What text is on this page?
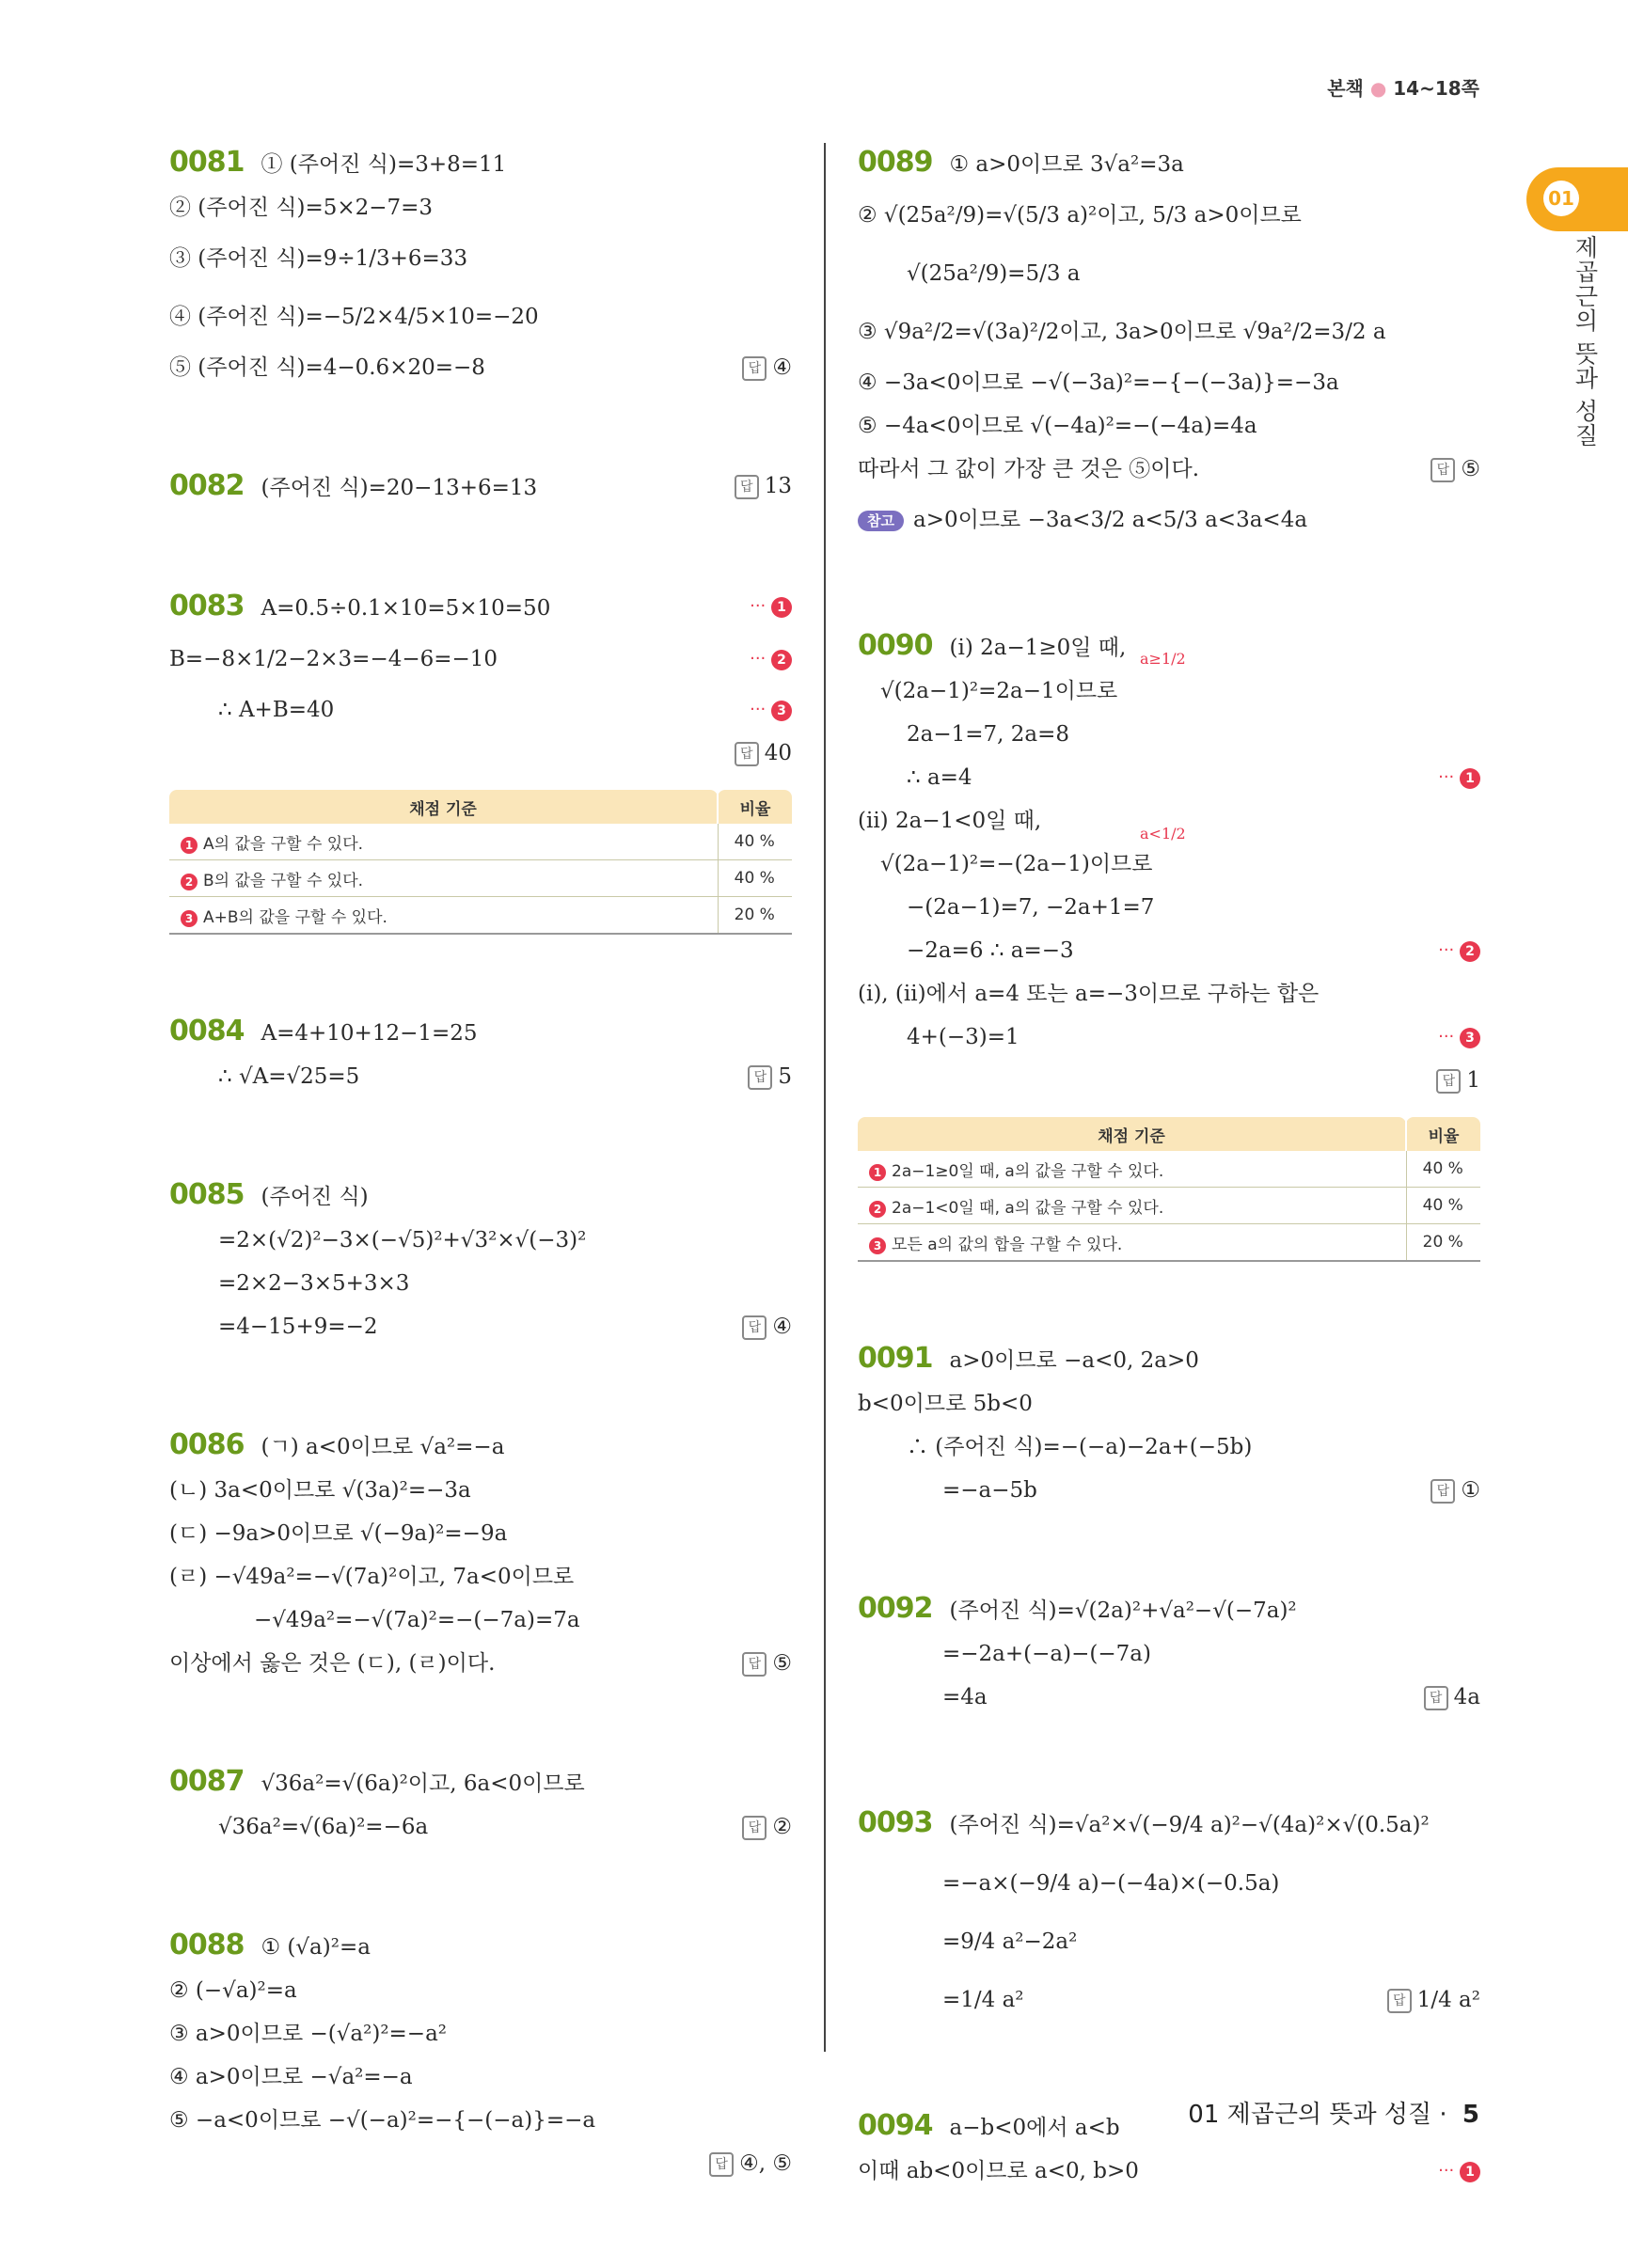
본책 ● 14~18쪽
01
제곱근의 뜻과 성질
0081 ① (주어진 식)=3+8=11
② (주어진 식)=5×2−7=3
③ (주어진 식)=9÷1/3+6=33
④ (주어진 식)=−5/2×4/5×10=−20
⑤ (주어진 식)=4−0.6×20=−8	답 ④
0082 (주어진 식)=20−13+6=13	답 13
0083 A=0.5÷0.1×10=5×10=50	··· 1
B=−8×1/2−2×3=−4−6=−10	··· 2
∴ A+B=40	··· 3
답 40
채점 기준	비율
1 A의 값을 구할 수 있다.	40 %
2 B의 값을 구할 수 있다.	40 %
3 A+B의 값을 구할 수 있다.	20 %
0084 A=4+10+12−1=25
∴ √A=√25=5	답 5
0085 (주어진 식)
=2×(√2)²−3×(−√5)²+√3²×√(−3)²
=2×2−3×5+3×3
=4−15+9=−2	답 ④
0086 (ㄱ) a<0이므로 √a²=−a
(ㄴ) 3a<0이므로 √(3a)²=−3a
(ㄷ) −9a>0이므로 √(−9a)²=−9a
(ㄹ) −√49a²=−√(7a)²이고, 7a<0이므로
−√49a²=−√(7a)²=−(−7a)=7a
이상에서 옳은 것은 (ㄷ), (ㄹ)이다.	답 ⑤
0087 √36a²=√(6a)²이고, 6a<0이므로
√36a²=√(6a)²=−6a	답 ②
0088 ① (√a)²=a
② (−√a)²=a
③ a>0이므로 −(√a²)²=−a²
④ a>0이므로 −√a²=−a
⑤ −a<0이므로 −√(−a)²=−{−(−a)}=−a
답 ④, ⑤
0089 ① a>0이므로 3√a²=3a
② √(25a²/9)=√(5/3 a)²이고, 5/3 a>0이므로
√(25a²/9)=5/3 a
③ √9a²/2=√(3a)²/2이고, 3a>0이므로 √9a²/2=3/2 a
④ −3a<0이므로 −√(−3a)²=−{−(−3a)}=−3a
⑤ −4a<0이므로 √(−4a)²=−(−4a)=4a
따라서 그 값이 가장 큰 것은 ⑤이다.	답 ⑤
참고 a>0이므로 −3a<3/2 a<5/3 a<3a<4a
0090 (i) 2a−1≥0일 때, a≥1/2
√(2a−1)²=2a−1이므로
2a−1=7, 2a=8
∴ a=4	··· 1
(ii) 2a−1<0일 때,
a<1/2
√(2a−1)²=−(2a−1)이므로
−(2a−1)=7, −2a+1=7
−2a=6 ∴ a=−3	··· 2
(i), (ii)에서 a=4 또는 a=−3이므로 구하는 합은
4+(−3)=1	··· 3
답 1
채점 기준	비율
1 2a−1≥0일 때, a의 값을 구할 수 있다.	40 %
2 2a−1<0일 때, a의 값을 구할 수 있다.	40 %
3 모든 a의 값의 합을 구할 수 있다.	20 %
0091 a>0이므로 −a<0, 2a>0
b<0이므로 5b<0
∴ (주어진 식)=−(−a)−2a+(−5b)
=−a−5b	답 ①
0092 (주어진 식)=√(2a)²+√a²−√(−7a)²
=−2a+(−a)−(−7a)
=4a	답 4a
0093 (주어진 식)=√a²×√(−9/4 a)²−√(4a)²×√(0.5a)²
=−a×(−9/4 a)−(−4a)×(−0.5a)
=9/4 a²−2a²
=1/4 a²	답 1/4 a²
0094 a−b<0에서 a<b
이때 ab<0이므로 a<0, b>0	··· 1
01 제곱근의 뜻과 성질 · 5
